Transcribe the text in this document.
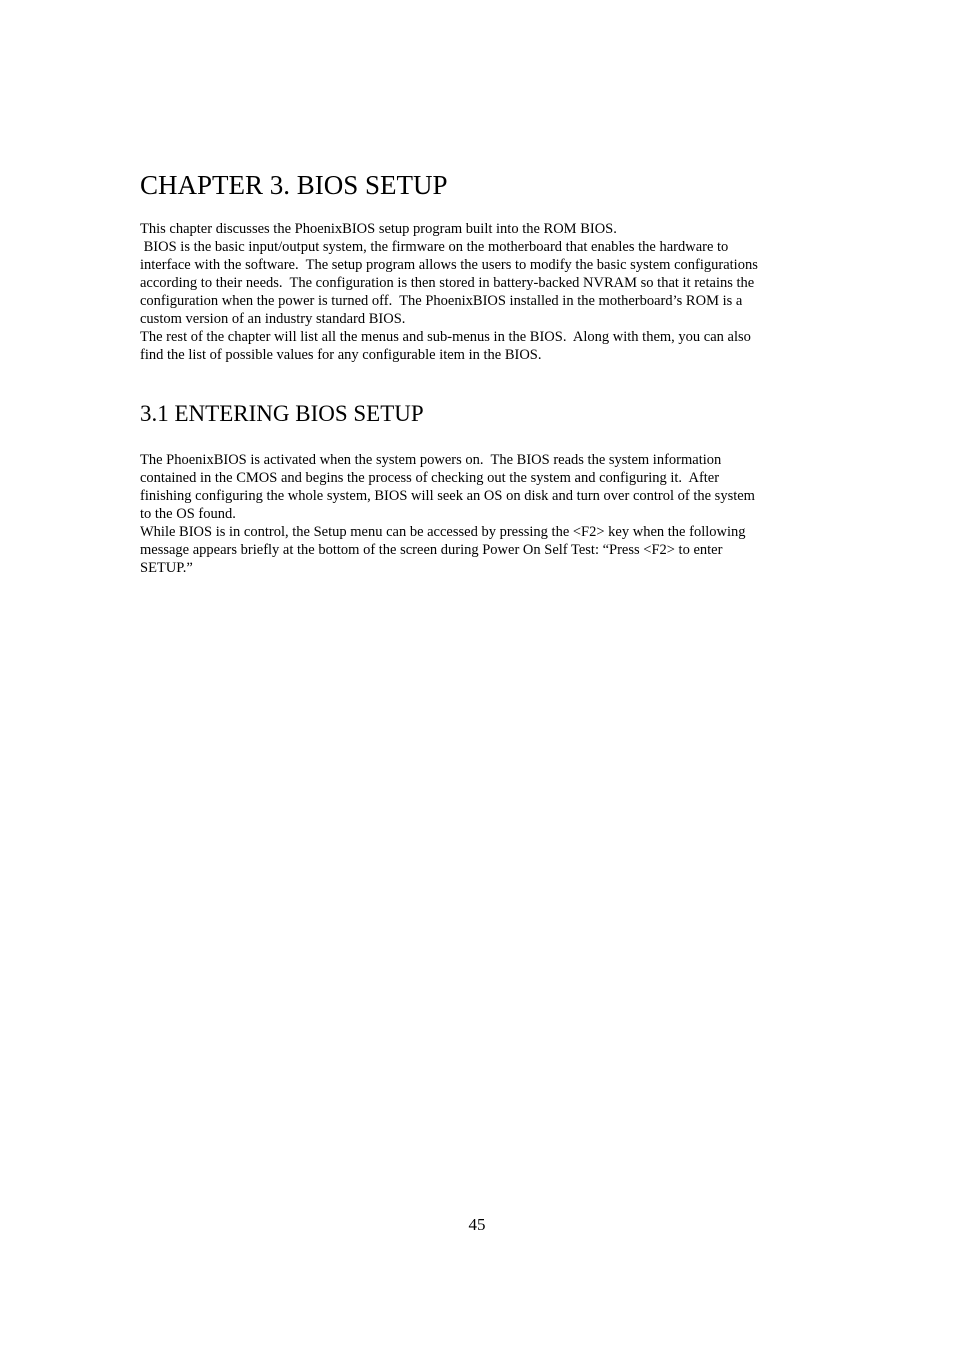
CHAPTER 3. BIOS SETUP
This chapter discusses the PhoenixBIOS setup program built into the ROM BIOS.
BIOS is the basic input/output system, the firmware on the motherboard that enables the hardware to
interface with the software.  The setup program allows the users to modify the basic system configurations
according to their needs.  The configuration is then stored in battery-backed NVRAM so that it retains the
configuration when the power is turned off.  The PhoenixBIOS installed in the motherboard’s ROM is a
custom version of an industry standard BIOS.
The rest of the chapter will list all the menus and sub-menus in the BIOS.  Along with them, you can also
find the list of possible values for any configurable item in the BIOS.
3.1 ENTERING BIOS SETUP
The PhoenixBIOS is activated when the system powers on.  The BIOS reads the system information
contained in the CMOS and begins the process of checking out the system and configuring it.  After
finishing configuring the whole system, BIOS will seek an OS on disk and turn over control of the system
to the OS found.
While BIOS is in control, the Setup menu can be accessed by pressing the <F2> key when the following
message appears briefly at the bottom of the screen during Power On Self Test: “Press <F2> to enter
SETUP.”
45
